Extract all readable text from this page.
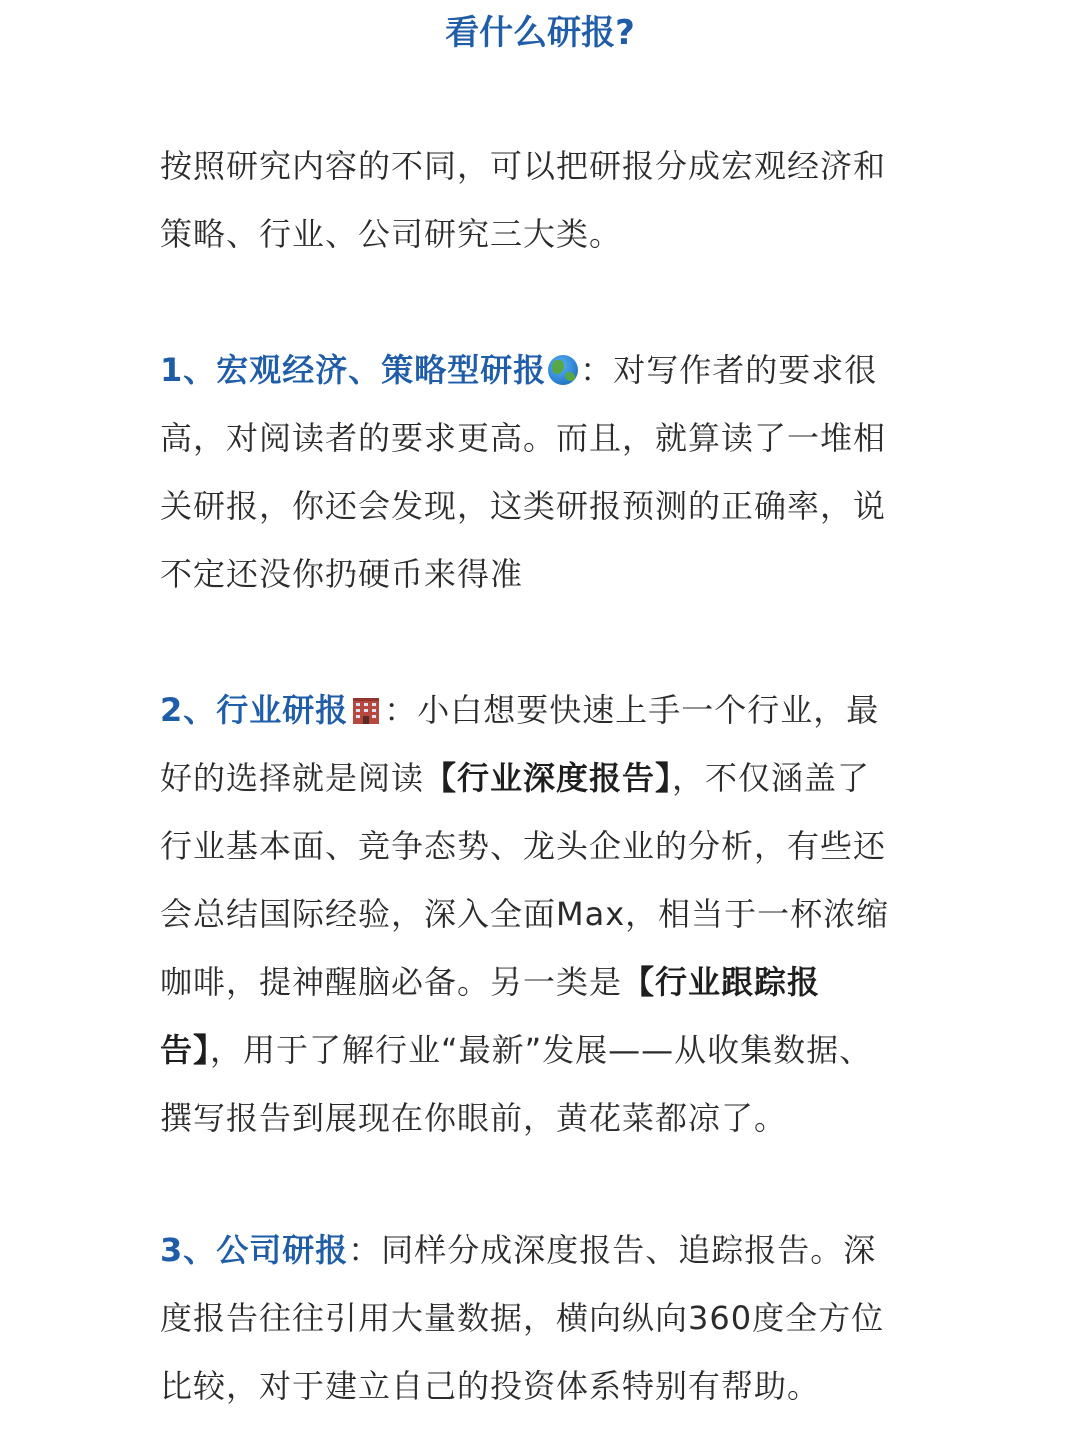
看什么研报?
按照研究内容的不同，可以把研报分成宏观经济和
策略、行业、公司研究三大类。
1、宏观经济、策略型研报 ：对写作者的要求很
高，对阅读者的要求更高。而且，就算读了一堆相
关研报，你还会发现，这类研报预测的正确率，说
不定还没你扔硬币来得准
2、行业研报 ：小白想要快速上手一个行业，最
好的选择就是阅读【行业深度报告】，不仅涵盖了
行业基本面、竞争态势、龙头企业的分析，有些还
会总结国际经验，深入全面Max，相当于一杯浓缩
咖啡，提神醒脑必备。另一类是【行业跟踪报
告】，用于了解行业“最新”发展——从收集数据、
撰写报告到展现在你眼前，黄花菜都凉了。
3、公司研报：同样分成深度报告、追踪报告。深
度报告往往引用大量数据，横向纵向360度全方位
比较，对于建立自己的投资体系特别有帮助。
